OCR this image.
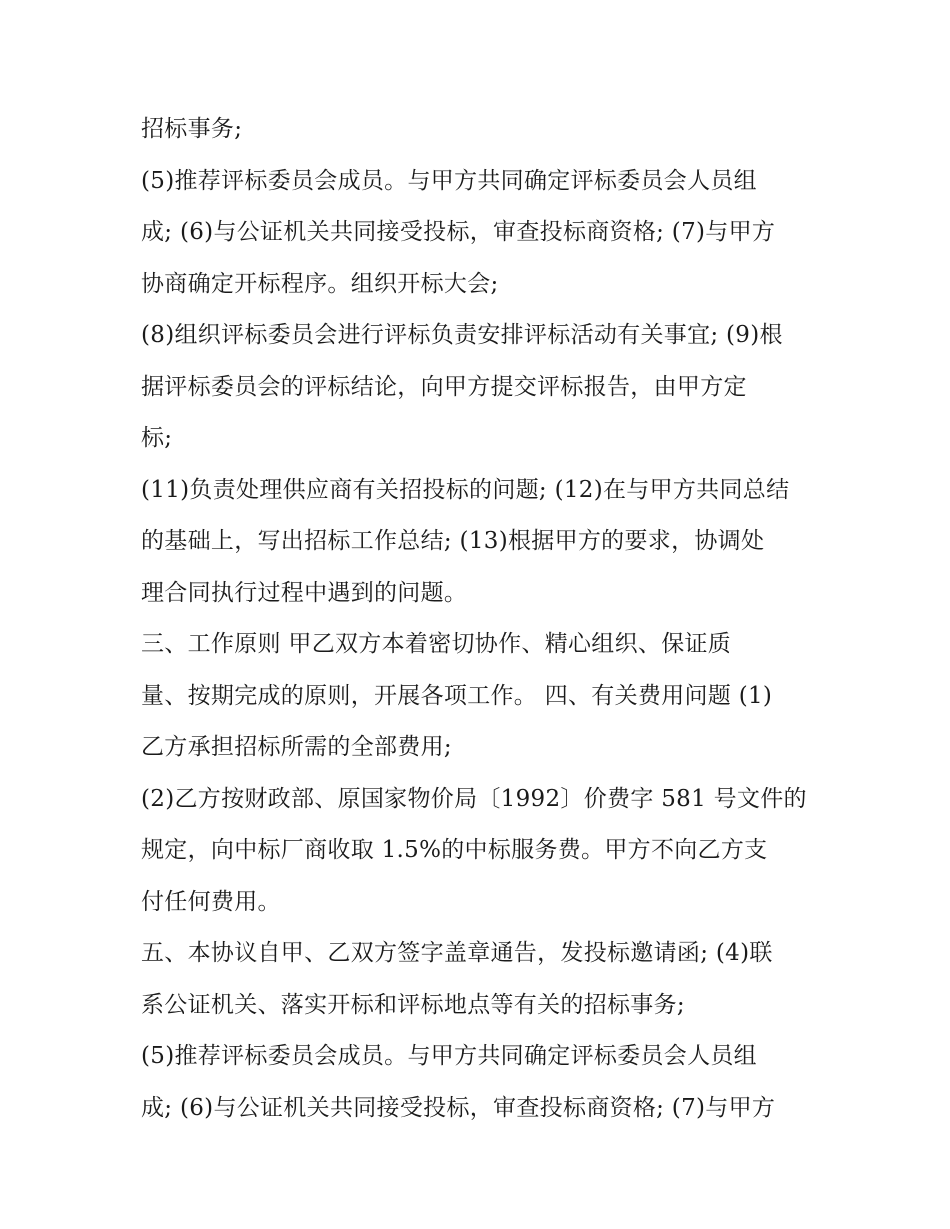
招标事务;
(5)推荐评标委员会成员。与甲方共同确定评标委员会人员组
成; (6)与公证机关共同接受投标，审查投标商资格; (7)与甲方
协商确定开标程序。组织开标大会;
(8)组织评标委员会进行评标负责安排评标活动有关事宜; (9)根
据评标委员会的评标结论，向甲方提交评标报告，由甲方定
标;
(11)负责处理供应商有关招投标的问题; (12)在与甲方共同总结
的基础上，写出招标工作总结; (13)根据甲方的要求，协调处
理合同执行过程中遇到的问题。
三、工作原则 甲乙双方本着密切协作、精心组织、保证质
量、按期完成的原则，开展各项工作。 四、有关费用问题 (1)
乙方承担招标所需的全部费用;
(2)乙方按财政部、原国家物价局〔1992〕价费字 581 号文件的
规定，向中标厂商收取 1.5%的中标服务费。甲方不向乙方支
付任何费用。
五、本协议自甲、乙双方签字盖章通告，发投标邀请函; (4)联
系公证机关、落实开标和评标地点等有关的招标事务;
(5)推荐评标委员会成员。与甲方共同确定评标委员会人员组
成; (6)与公证机关共同接受投标，审查投标商资格; (7)与甲方
